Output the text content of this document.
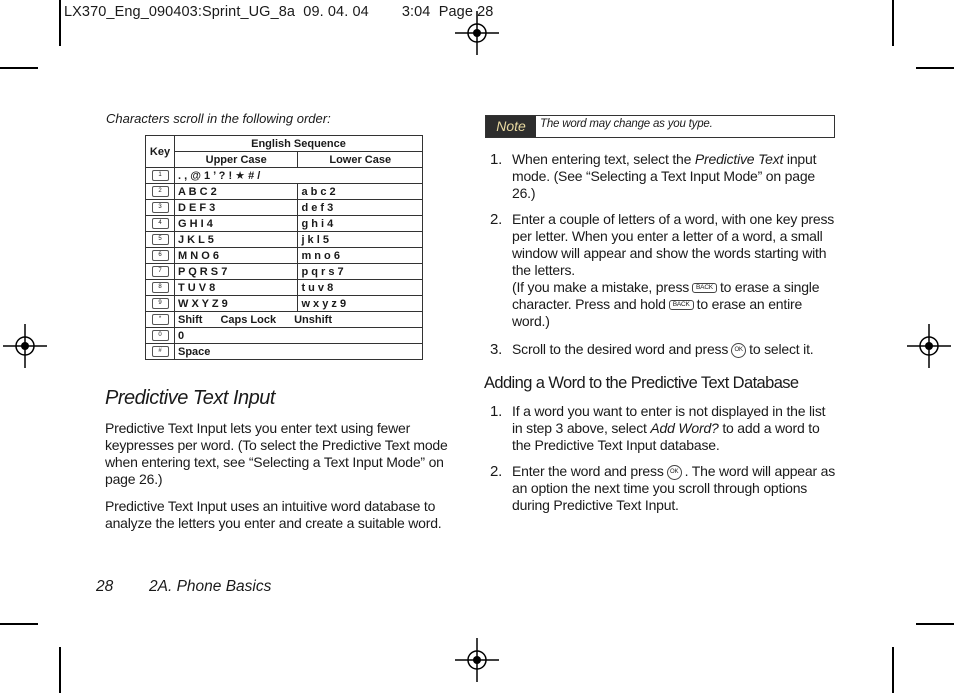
LX370_Eng_090403:Sprint_UG_8a  09. 04. 04        3:04  Page 28
Characters scroll in the following order:
Key	English Sequence	
	Upper Case	Lower Case
1	. , @ 1 ’ ? ! ★ # /	
2	A B C 2	a b c 2
3	D E F 3	d e f 3
4	G H I 4	g h i 4
5	J K L 5	j k l 5
6	M N O 6	m n o 6
7	P Q R S 7	p q r s 7
8	T U V 8	t u v 8
9	W X Y Z 9	w x y z 9
*	Shift Caps Lock Unshift	
0	0	
#	Space	
Predictive Text Input
Predictive Text Input lets you enter text using fewer keypresses per word. (To select the Predictive Text mode when entering text, see “Selecting a Text Input Mode” on page 26.)
Predictive Text Input uses an intuitive word database to analyze the letters you enter and create a suitable word.
28 2A. Phone Basics
Note	The word may change as you type.
1. When entering text, select the Predictive Text input mode. (See “Selecting a Text Input Mode” on page 26.)
2. Enter a couple of letters of a word, with one key press per letter. When you enter a letter of a word, a small window will appear and show the words starting with the letters.
(If you make a mistake, press BACK to erase a single character. Press and hold BACK to erase an entire word.)
3. Scroll to the desired word and press OK to select it.
Adding a Word to the Predictive Text Database
1. If a word you want to enter is not displayed in the list in step 3 above, select Add Word? to add a word to the Predictive Text Input database.
2. Enter the word and press OK . The word will appear as an option the next time you scroll through options during Predictive Text Input.
